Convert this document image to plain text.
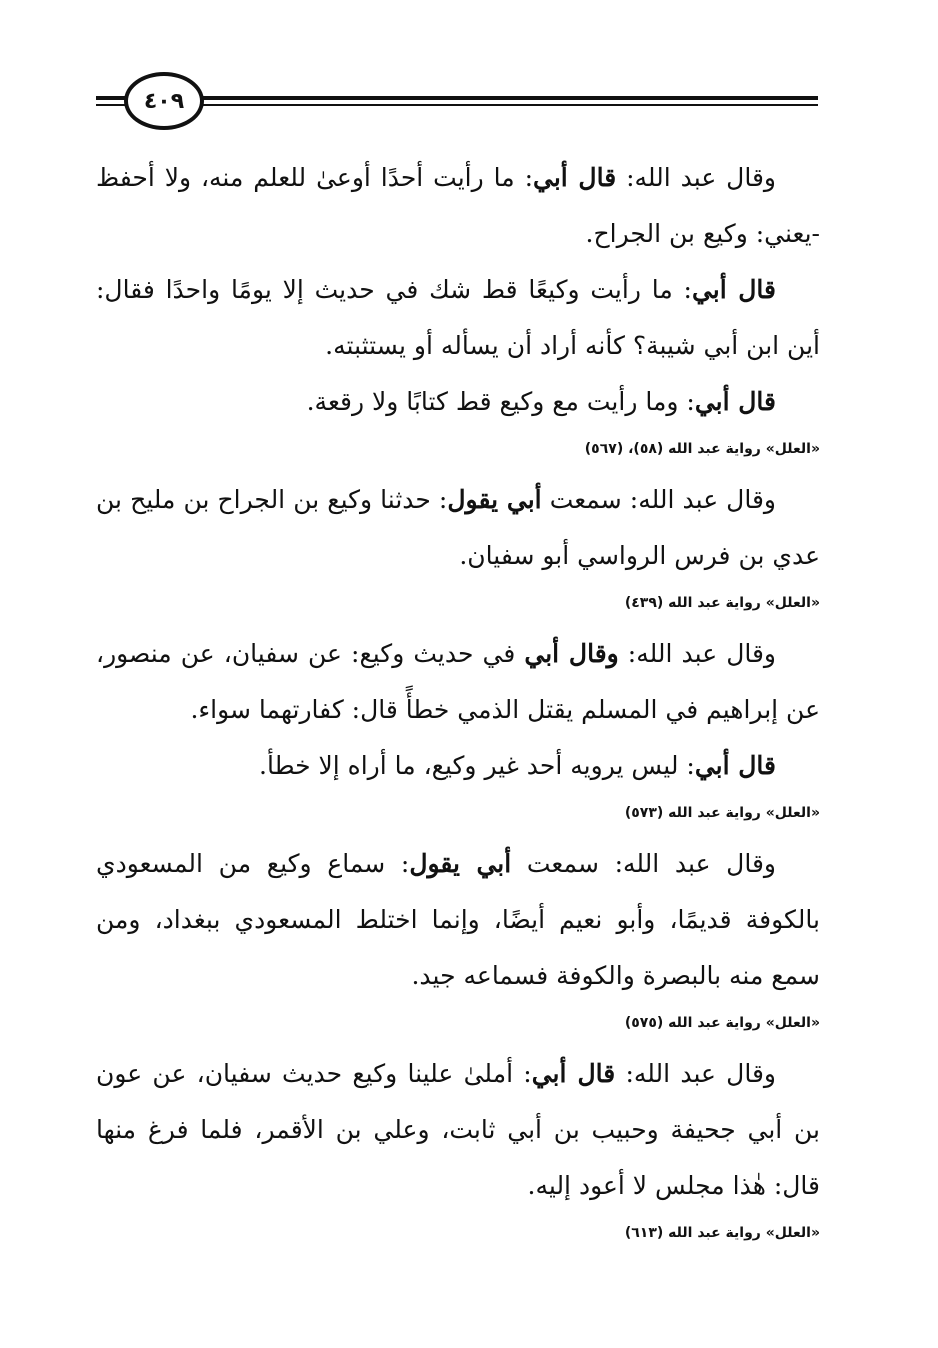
٤٠٩

وقال عبد الله: قال أبي: ما رأيت أحدًا أوعىٰ للعلم منه، ولا أحفظ -يعني: وكيع بن الجراح.

قال أبي: ما رأيت وكيعًا قط شك في حديث إلا يومًا واحدًا فقال: أين ابن أبي شيبة؟ كأنه أراد أن يسأله أو يستثبته.

قال أبي: وما رأيت مع وكيع قط كتابًا ولا رقعة.

«العلل» رواية عبد الله (٥٨)، (٥٦٧)

وقال عبد الله: سمعت أبي يقول: حدثنا وكيع بن الجراح بن مليح بن عدي بن فرس الرواسي أبو سفيان.

«العلل» رواية عبد الله (٤٣٩)

وقال عبد الله: وقال أبي في حديث وكيع: عن سفيان، عن منصور، عن إبراهيم في المسلم يقتل الذمي خطأً قال: كفارتهما سواء.

قال أبي: ليس يرويه أحد غير وكيع، ما أراه إلا خطأ.

«العلل» رواية عبد الله (٥٧٣)

وقال عبد الله: سمعت أبي يقول: سماع وكيع من المسعودي بالكوفة قديمًا، وأبو نعيم أيضًا، وإنما اختلط المسعودي ببغداد، ومن سمع منه بالبصرة والكوفة فسماعه جيد.

«العلل» رواية عبد الله (٥٧٥)

وقال عبد الله: قال أبي: أملىٰ علينا وكيع حديث سفيان، عن عون بن أبي جحيفة وحبيب بن أبي ثابت، وعلي بن الأقمر، فلما فرغ منها قال: هٰذا مجلس لا أعود إليه.

«العلل» رواية عبد الله (٦١٣)
